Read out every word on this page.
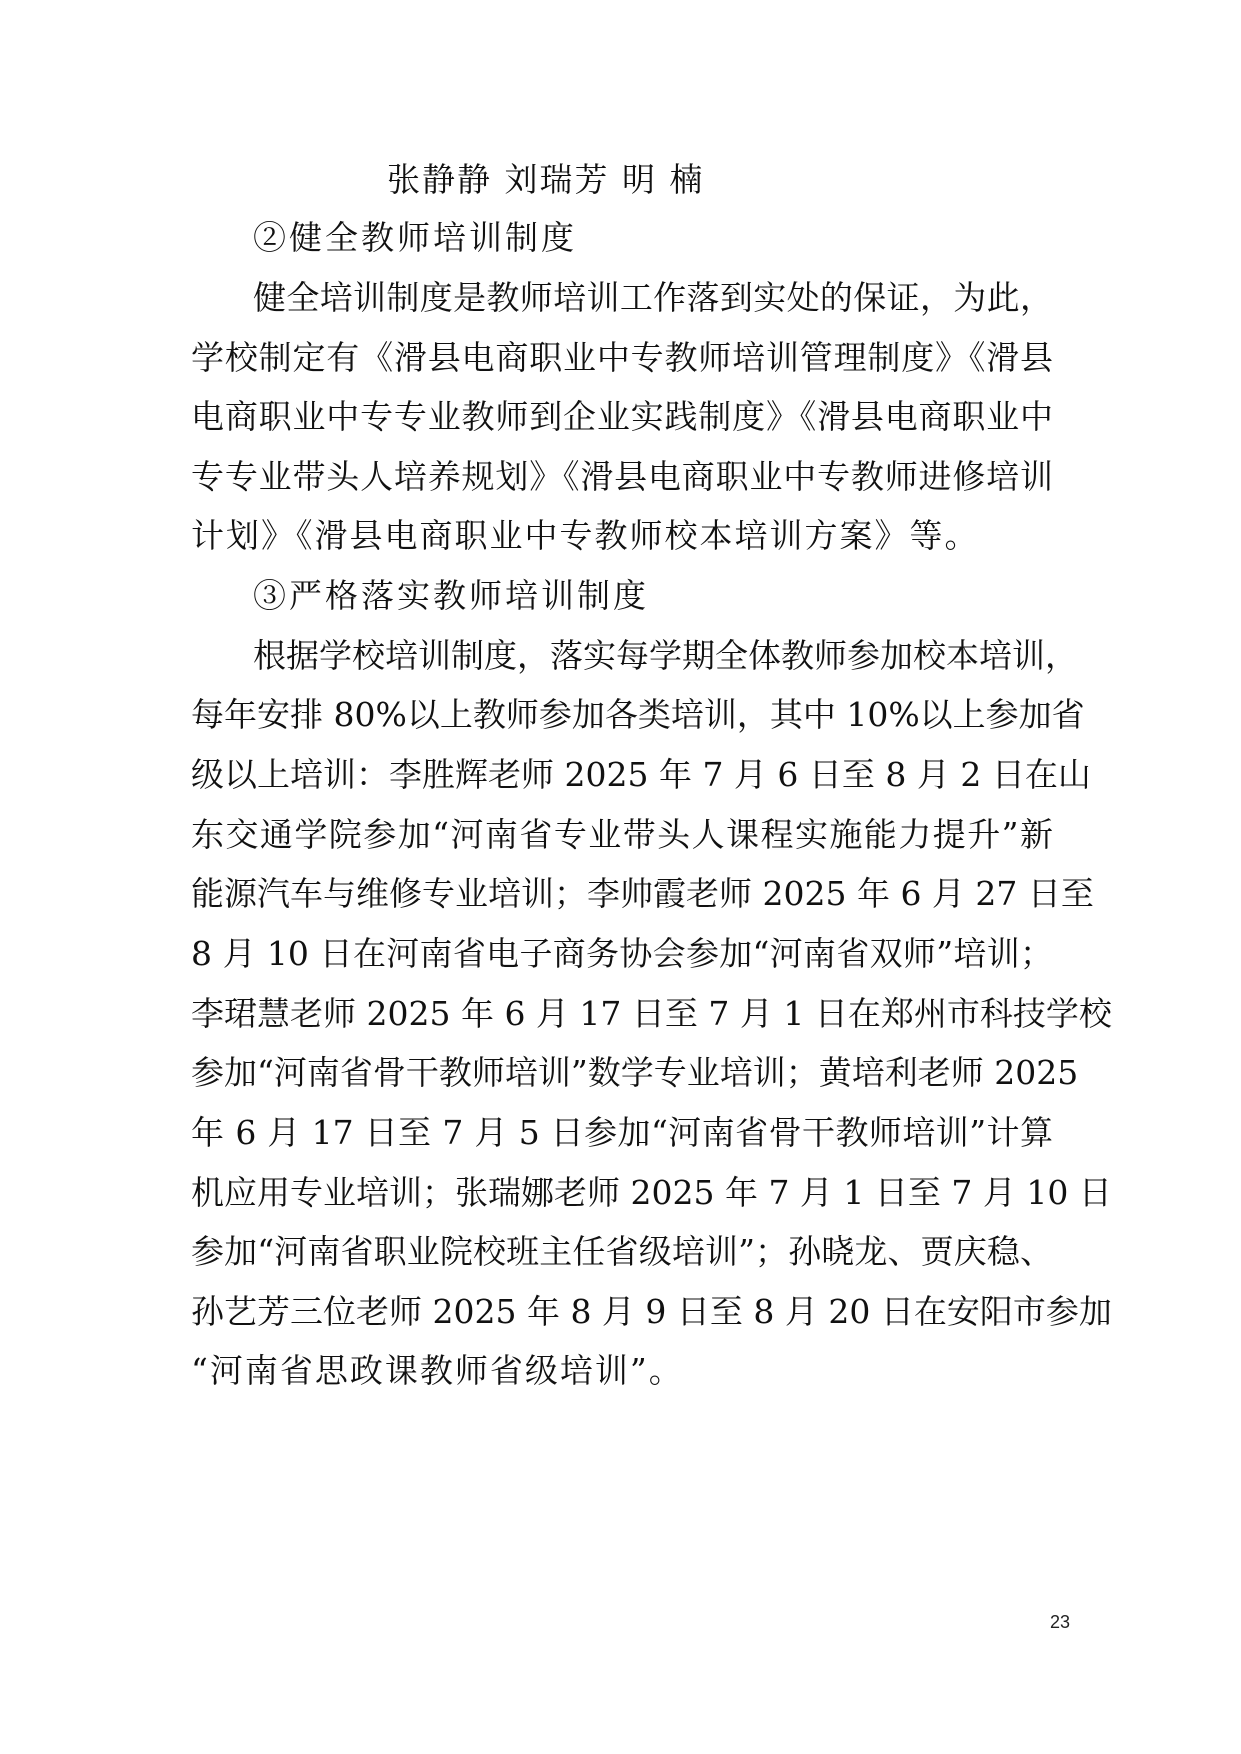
张静静 刘瑞芳 明 楠
②健全教师培训制度
健全培训制度是教师培训工作落到实处的保证，为此，
学校制定有《滑县电商职业中专教师培训管理制度》《滑县
电商职业中专专业教师到企业实践制度》《滑县电商职业中
专专业带头人培养规划》《滑县电商职业中专教师进修培训
计划》《滑县电商职业中专教师校本培训方案》等。
③严格落实教师培训制度
根据学校培训制度，落实每学期全体教师参加校本培训，
每年安排 80%以上教师参加各类培训，其中 10%以上参加省
级以上培训：李胜辉老师 2025 年 7 月 6 日至 8 月 2 日在山
东交通学院参加“河南省专业带头人课程实施能力提升”新
能源汽车与维修专业培训；李帅霞老师 2025 年 6 月 27 日至
8 月 10 日在河南省电子商务协会参加“河南省双师”培训；
李珺慧老师 2025 年 6 月 17 日至 7 月 1 日在郑州市科技学校
参加“河南省骨干教师培训”数学专业培训；黄培利老师 2025
年 6 月 17 日至 7 月 5 日参加“河南省骨干教师培训”计算
机应用专业培训；张瑞娜老师 2025 年 7 月 1 日至 7 月 10 日
参加“河南省职业院校班主任省级培训”；孙晓龙、贾庆稳、
孙艺芳三位老师 2025 年 8 月 9 日至 8 月 20 日在安阳市参加
“河南省思政课教师省级培训”。
23
